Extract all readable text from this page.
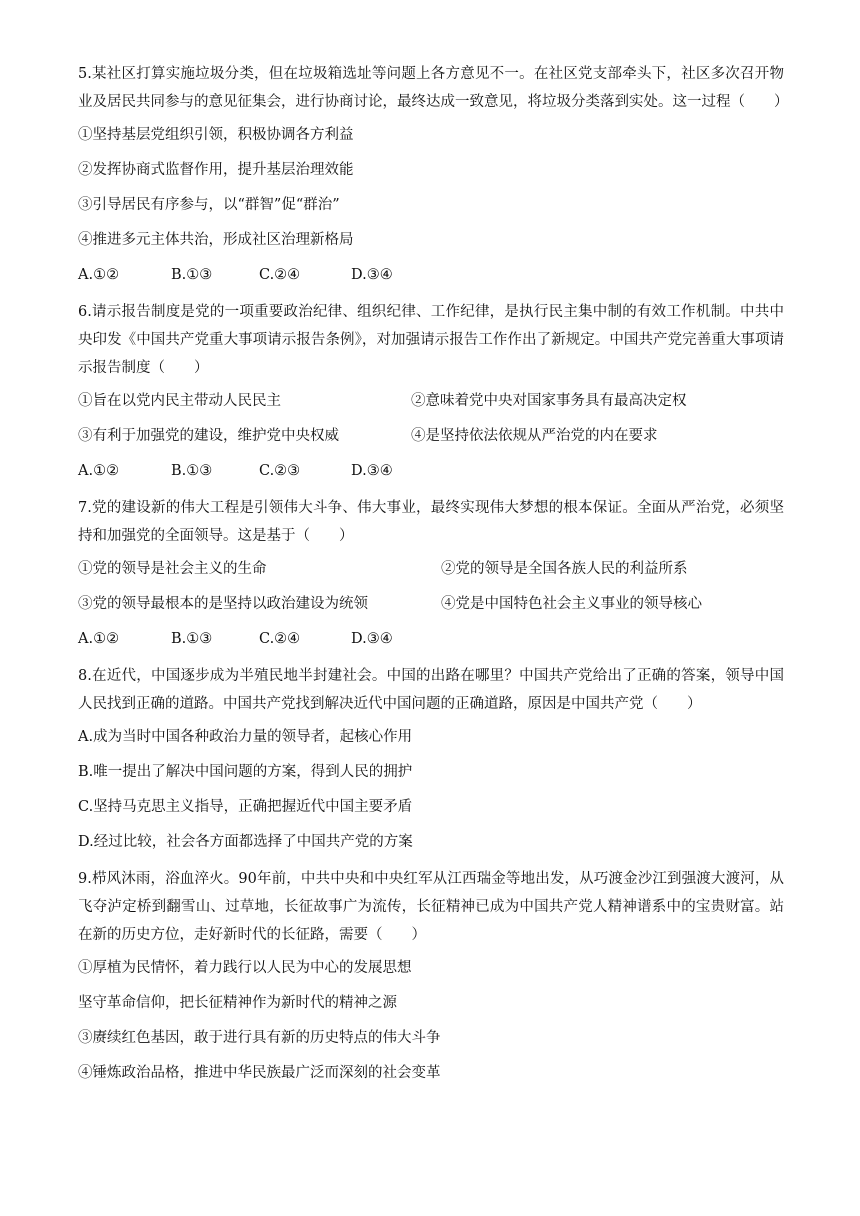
5.某社区打算实施垃圾分类，但在垃圾箱选址等问题上各方意见不一。在社区党支部牵头下，社区多次召开物业及居民共同参与的意见征集会，进行协商讨论，最终达成一致意见，将垃圾分类落到实处。这一过程（　　）

①坚持基层党组织引领，积极协调各方利益
②发挥协商式监督作用，提升基层治理效能
③引导居民有序参与，以“群智”促“群治”
④推进多元主体共治，形成社区治理新格局
A.①②	B.①③	C.②④	D.③④

6.请示报告制度是党的一项重要政治纪律、组织纪律、工作纪律，是执行民主集中制的有效工作机制。中共中央印发《中国共产党重大事项请示报告条例》，对加强请示报告工作作出了新规定。中国共产党完善重大事项请示报告制度（　　）

①旨在以党内民主带动人民民主	②意味着党中央对国家事务具有最高决定权
③有利于加强党的建设，维护党中央权威	④是坚持依法依规从严治党的内在要求
A.①②	B.①③	C.②③	D.③④

7.党的建设新的伟大工程是引领伟大斗争、伟大事业，最终实现伟大梦想的根本保证。全面从严治党，必须坚持和加强党的全面领导。这是基于（　　）

①党的领导是社会主义的生命	②党的领导是全国各族人民的利益所系
③党的领导最根本的是坚持以政治建设为统领	④党是中国特色社会主义事业的领导核心
A.①②	B.①③	C.②④	D.③④

8.在近代，中国逐步成为半殖民地半封建社会。中国的出路在哪里？中国共产党给出了正确的答案，领导中国人民找到正确的道路。中国共产党找到解决近代中国问题的正确道路，原因是中国共产党（　　）

A.成为当时中国各种政治力量的领导者，起核心作用
B.唯一提出了解决中国问题的方案，得到人民的拥护
C.坚持马克思主义指导，正确把握近代中国主要矛盾
D.经过比较，社会各方面都选择了中国共产党的方案

9.栉风沐雨，浴血淬火。90年前，中共中央和中央红军从江西瑞金等地出发，从巧渡金沙江到强渡大渡河，从飞夺泸定桥到翻雪山、过草地，长征故事广为流传，长征精神已成为中国共产党人精神谱系中的宝贵财富。站在新的历史方位，走好新时代的长征路，需要（　　）

①厚植为民情怀，着力践行以人民为中心的发展思想
坚守革命信仰，把长征精神作为新时代的精神之源
③赓续红色基因，敢于进行具有新的历史特点的伟大斗争
④锤炼政治品格，推进中华民族最广泛而深刻的社会变革
